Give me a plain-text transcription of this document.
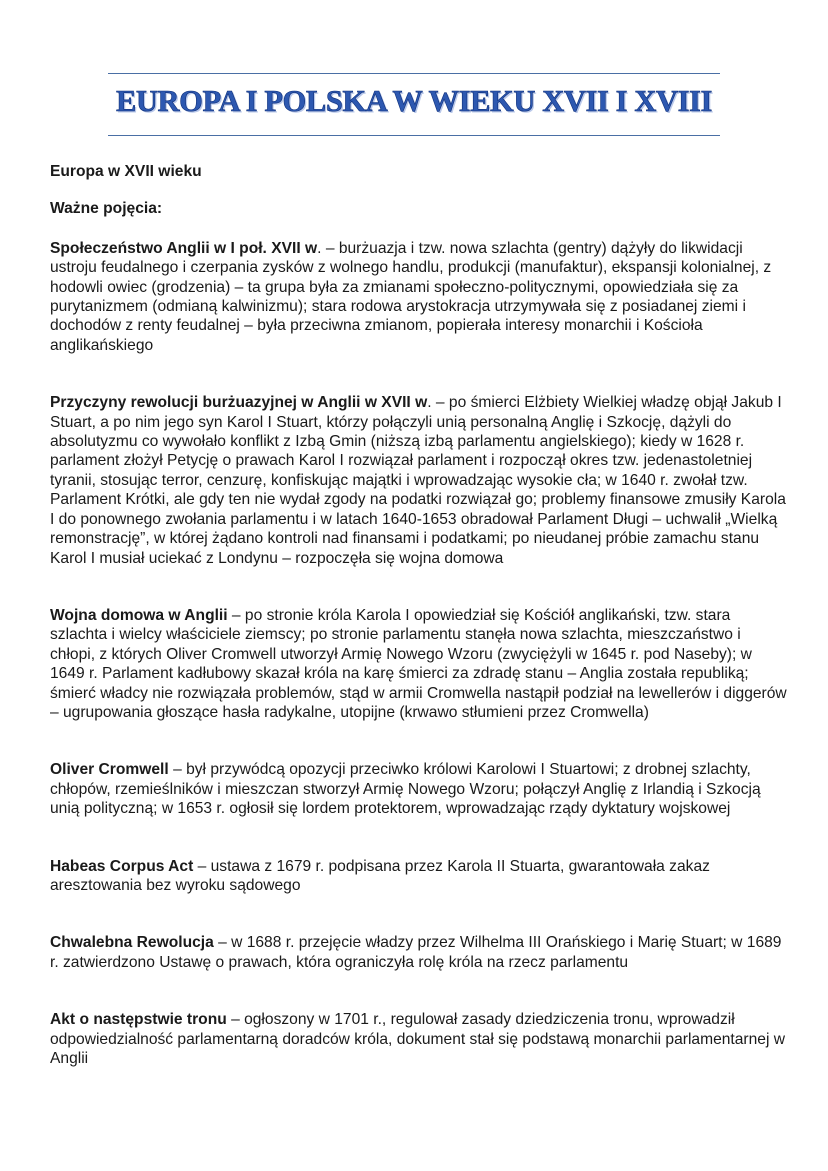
EUROPA I POLSKA W WIEKU XVII I XVIII

Europa w XVII wieku

Ważne pojęcia:

Społeczeństwo Anglii w I poł. XVII w. – burżuazja i tzw. nowa szlachta (gentry) dążyły do likwidacji ustroju feudalnego i czerpania zysków z wolnego handlu, produkcji (manufaktur), ekspansji kolonialnej, z hodowli owiec (grodzenia) – ta grupa była za zmianami społeczno-politycznymi, opowiedziała się za purytanizmem (odmianą kalwinizmu); stara rodowa arystokracja utrzymywała się z posiadanej ziemi i dochodów z renty feudalnej – była przeciwna zmianom, popierała interesy monarchii i Kościoła anglikańskiego

Przyczyny rewolucji burżuazyjnej w Anglii w XVII w. – po śmierci Elżbiety Wielkiej władzę objął Jakub I Stuart, a po nim jego syn Karol I Stuart, którzy połączyli unią personalną Anglię i Szkocję, dążyli do absolutyzmu co wywołało konflikt z Izbą Gmin (niższą izbą parlamentu angielskiego); kiedy w 1628 r. parlament złożył Petycję o prawach Karol I rozwiązał parlament i rozpoczął okres tzw. jedenastoletniej tyranii, stosując terror, cenzurę, konfiskując majątki i wprowadzając wysokie cła; w 1640 r. zwołał tzw. Parlament Krótki, ale gdy ten nie wydał zgody na podatki rozwiązał go; problemy finansowe zmusiły Karola I do ponownego zwołania parlamentu i w latach 1640-1653 obradował Parlament Długi – uchwalił „Wielką remonstrację”, w której żądano kontroli nad finansami i podatkami; po nieudanej próbie zamachu stanu Karol I musiał uciekać z Londynu – rozpoczęła się wojna domowa

Wojna domowa w Anglii – po stronie króla Karola I opowiedział się Kościół anglikański, tzw. stara szlachta i wielcy właściciele ziemscy; po stronie parlamentu stanęła nowa szlachta, mieszczaństwo i chłopi, z których Oliver Cromwell utworzył Armię Nowego Wzoru (zwyciężyli w 1645 r. pod Naseby); w 1649 r. Parlament kadłubowy skazał króla na karę śmierci za zdradę stanu – Anglia została republiką; śmierć władcy nie rozwiązała problemów, stąd w armii Cromwella nastąpił podział na lewellerów i diggerów – ugrupowania głoszące hasła radykalne, utopijne (krwawo stłumieni przez Cromwella)

Oliver Cromwell – był przywódcą opozycji przeciwko królowi Karolowi I Stuartowi; z drobnej szlachty, chłopów, rzemieślników i mieszczan stworzył Armię Nowego Wzoru; połączył Anglię z Irlandią i Szkocją unią polityczną; w 1653 r. ogłosił się lordem protektorem, wprowadzając rządy dyktatury wojskowej

Habeas Corpus Act – ustawa z 1679 r. podpisana przez Karola II Stuarta, gwarantowała zakaz aresztowania bez wyroku sądowego

Chwalebna Rewolucja – w 1688 r. przejęcie władzy przez Wilhelma III Orańskiego i Marię Stuart; w 1689 r. zatwierdzono Ustawę o prawach, która ograniczyła rolę króla na rzecz parlamentu

Akt o następstwie tronu – ogłoszony w 1701 r., regulował zasady dziedziczenia tronu, wprowadził odpowiedzialność parlamentarną doradców króla, dokument stał się podstawą monarchii parlamentarnej w Anglii
